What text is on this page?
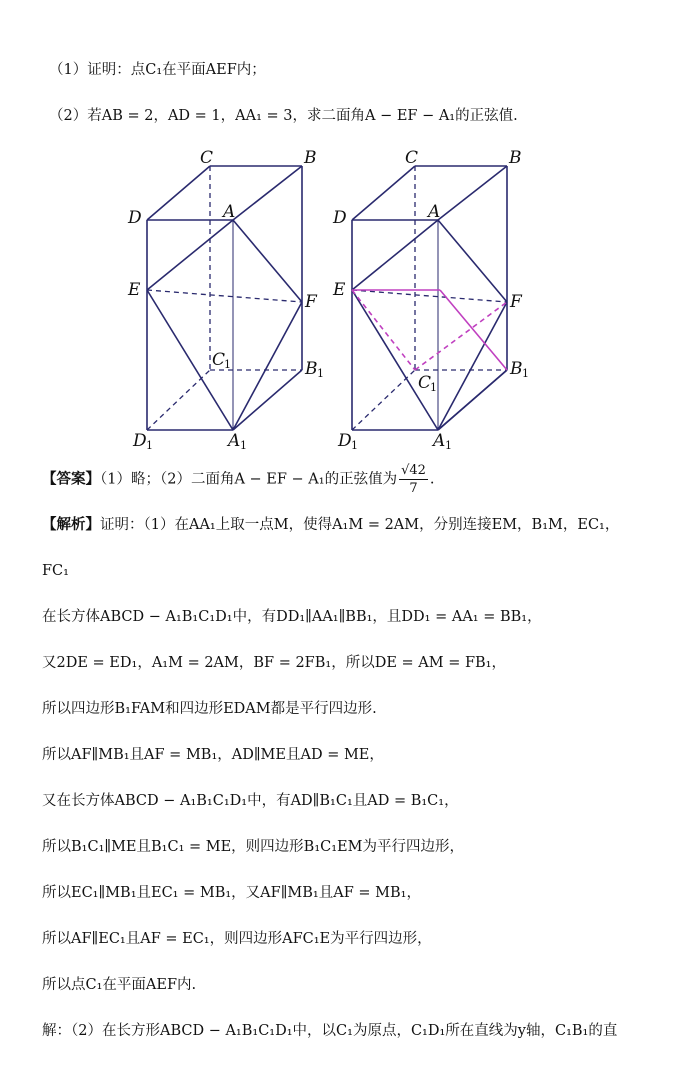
（1）证明：点C₁在平面AEF内；
（2）若AB = 2，AD = 1，AA₁ = 3，求二面角A − EF − A₁的正弦值.
C	B
D	A
E
F
C
1	B 1
D 1	A 1
C	B
D	A
E
F
C
1
B 1
D 1	A 1
【答案】（1）略；（2）二面角A − EF − A₁的正弦值为 $\frac{√42}{7}$ .
【解析】证明：（1）在AA₁上取一点M，使得A₁M = 2AM，分别连接EM，B₁M，EC₁，
FC₁
在长方体ABCD − A₁B₁C₁D₁中，有DD₁∥AA₁∥BB₁，且DD₁ = AA₁ = BB₁，
又2DE = ED₁，A₁M = 2AM，BF = 2FB₁，所以DE = AM = FB₁，
所以四边形B₁FAM和四边形EDAM都是平行四边形.
所以AF∥MB₁且AF = MB₁，AD∥ME且AD = ME，
又在长方体ABCD − A₁B₁C₁D₁中，有AD∥B₁C₁且AD = B₁C₁，
所以B₁C₁∥ME且B₁C₁ = ME，则四边形B₁C₁EM为平行四边形，
所以EC₁∥MB₁且EC₁ = MB₁，又AF∥MB₁且AF = MB₁，
所以AF∥EC₁且AF = EC₁，则四边形AFC₁E为平行四边形，
所以点C₁在平面AEF内.
解：（2）在长方形ABCD − A₁B₁C₁D₁中，以C₁为原点，C₁D₁所在直线为y轴，C₁B₁的直
